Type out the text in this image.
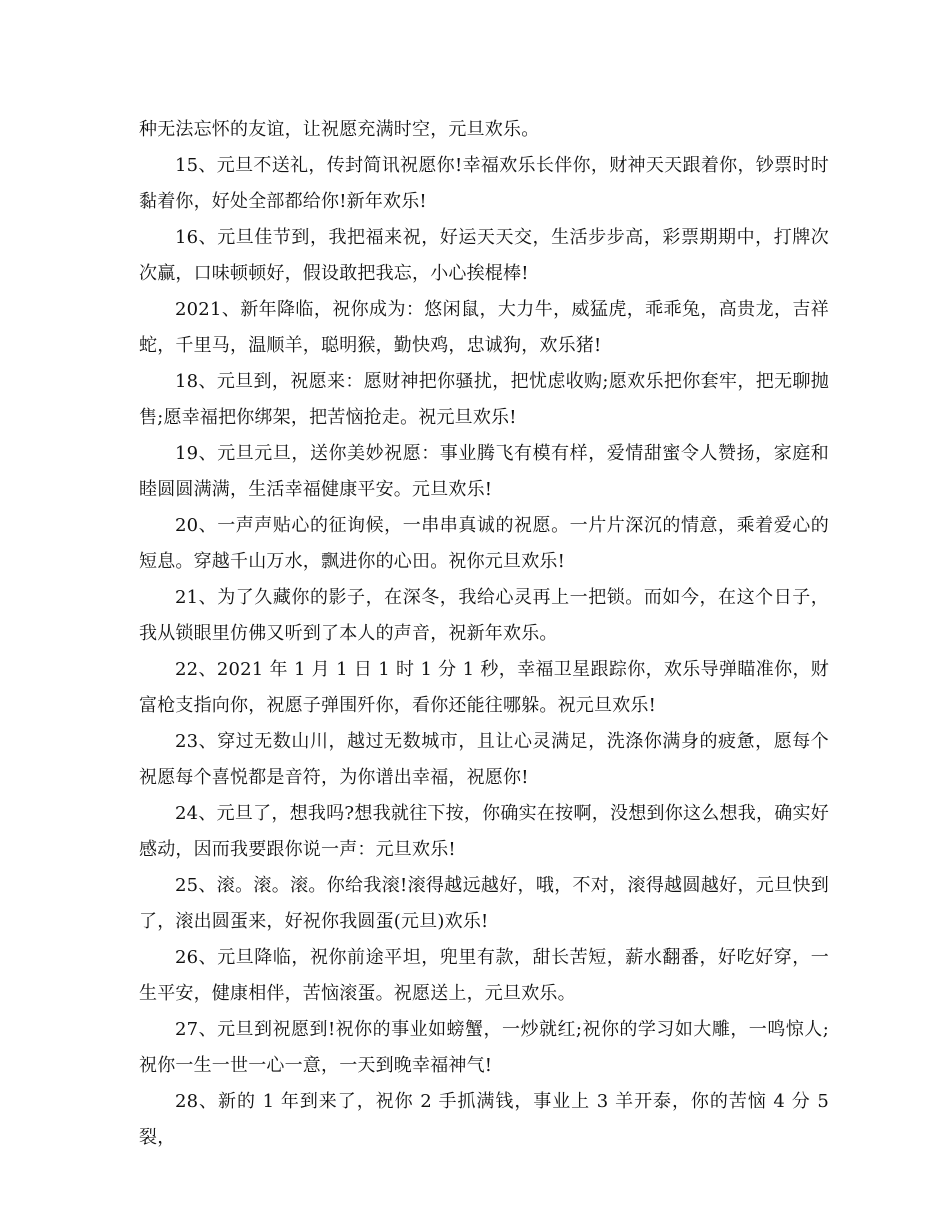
种无法忘怀的友谊，让祝愿充满时空，元旦欢乐。

15、元旦不送礼，传封简讯祝愿你!幸福欢乐长伴你，财神天天跟着你，钞票时时黏着你，好处全部都给你!新年欢乐!

16、元旦佳节到，我把福来祝，好运天天交，生活步步高，彩票期期中，打牌次次赢，口味顿顿好，假设敢把我忘，小心挨棍棒!

2021、新年降临，祝你成为：悠闲鼠，大力牛，威猛虎，乖乖兔，高贵龙，吉祥蛇，千里马，温顺羊，聪明猴，勤快鸡，忠诚狗，欢乐猪!

18、元旦到，祝愿来：愿财神把你骚扰，把忧虑收购;愿欢乐把你套牢，把无聊抛售;愿幸福把你绑架，把苦恼抢走。祝元旦欢乐!

19、元旦元旦，送你美妙祝愿：事业腾飞有模有样，爱情甜蜜令人赞扬，家庭和睦圆圆满满，生活幸福健康平安。元旦欢乐!

20、一声声贴心的征询候，一串串真诚的祝愿。一片片深沉的情意，乘着爱心的短息。穿越千山万水，飘进你的心田。祝你元旦欢乐!

21、为了久藏你的影子，在深冬，我给心灵再上一把锁。而如今，在这个日子，我从锁眼里仿佛又听到了本人的声音，祝新年欢乐。

22、2021 年 1 月 1 日 1 时 1 分 1 秒，幸福卫星跟踪你，欢乐导弹瞄准你，财富枪支指向你，祝愿子弹围歼你，看你还能往哪躲。祝元旦欢乐!

23、穿过无数山川，越过无数城市，且让心灵满足，洗涤你满身的疲惫，愿每个祝愿每个喜悦都是音符，为你谱出幸福，祝愿你!

24、元旦了，想我吗?想我就往下按，你确实在按啊，没想到你这么想我，确实好感动，因而我要跟你说一声：元旦欢乐!

25、滚。滚。滚。你给我滚!滚得越远越好，哦，不对，滚得越圆越好，元旦快到了，滚出圆蛋来，好祝你我圆蛋(元旦)欢乐!

26、元旦降临，祝你前途平坦，兜里有款，甜长苦短，薪水翻番，好吃好穿，一生平安，健康相伴，苦恼滚蛋。祝愿送上，元旦欢乐。

27、元旦到祝愿到!祝你的事业如螃蟹，一炒就红;祝你的学习如大雕，一鸣惊人;祝你一生一世一心一意，一天到晚幸福神气!

28、新的 1 年到来了，祝你 2 手抓满钱，事业上 3 羊开泰，你的苦恼 4 分 5 裂，
